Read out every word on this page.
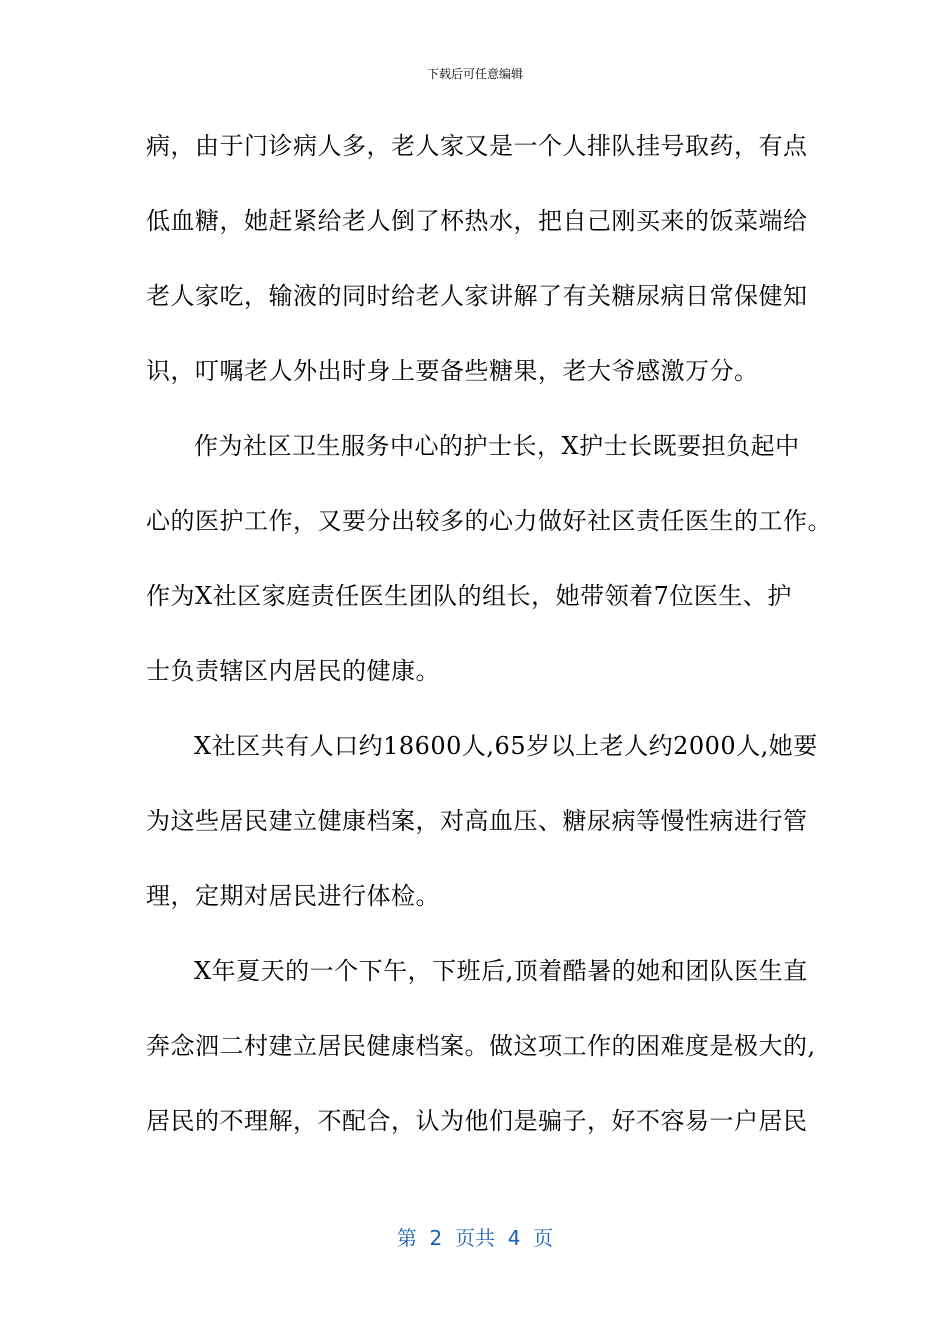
下载后可任意编辑
病，由于门诊病人多，老人家又是一个人排队挂号取药，有点
低血糖，她赶紧给老人倒了杯热水，把自己刚买来的饭菜端给
老人家吃，输液的同时给老人家讲解了有关糖尿病日常保健知
识，叮嘱老人外出时身上要备些糖果，老大爷感激万分。
作为社区卫生服务中心的护士长，X护士长既要担负起中
心的医护工作，又要分出较多的心力做好社区责任医生的工作。
作为X社区家庭责任医生团队的组长，她带领着7位医生、护
士负责辖区内居民的健康。
X社区共有人口约18600人,65岁以上老人约2000人,她要
为这些居民建立健康档案，对高血压、糖尿病等慢性病进行管
理，定期对居民进行体检。
X年夏天的一个下午，下班后,顶着酷暑的她和团队医生直
奔念泗二村建立居民健康档案。做这项工作的困难度是极大的,
居民的不理解，不配合，认为他们是骗子，好不容易一户居民
第  2  页共  4  页
